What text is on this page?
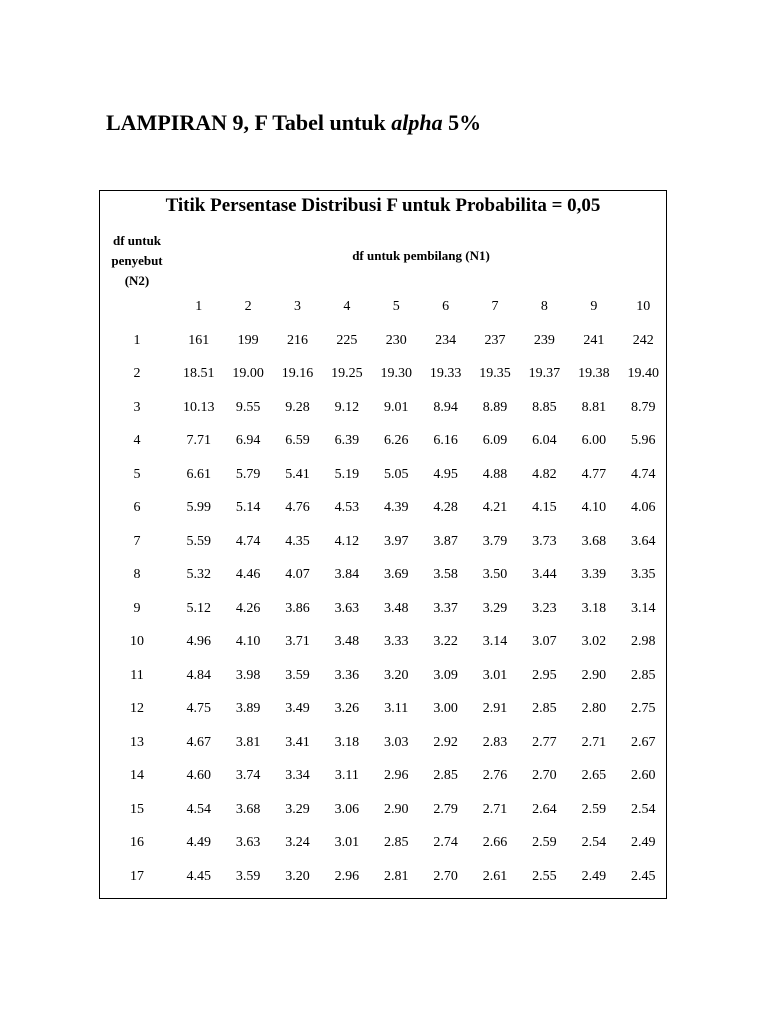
LAMPIRAN 9, F Tabel untuk alpha 5%
Titik Persentase Distribusi F untuk Probabilita = 0,05
df untuk
penyebut
(N2)
df untuk pembilang (N1)
	1	2	3	4	5	6	7	8	9	10
1	161	199	216	225	230	234	237	239	241	242
2	18.51	19.00	19.16	19.25	19.30	19.33	19.35	19.37	19.38	19.40
3	10.13	9.55	9.28	9.12	9.01	8.94	8.89	8.85	8.81	8.79
4	7.71	6.94	6.59	6.39	6.26	6.16	6.09	6.04	6.00	5.96
5	6.61	5.79	5.41	5.19	5.05	4.95	4.88	4.82	4.77	4.74
6	5.99	5.14	4.76	4.53	4.39	4.28	4.21	4.15	4.10	4.06
7	5.59	4.74	4.35	4.12	3.97	3.87	3.79	3.73	3.68	3.64
8	5.32	4.46	4.07	3.84	3.69	3.58	3.50	3.44	3.39	3.35
9	5.12	4.26	3.86	3.63	3.48	3.37	3.29	3.23	3.18	3.14
10	4.96	4.10	3.71	3.48	3.33	3.22	3.14	3.07	3.02	2.98
11	4.84	3.98	3.59	3.36	3.20	3.09	3.01	2.95	2.90	2.85
12	4.75	3.89	3.49	3.26	3.11	3.00	2.91	2.85	2.80	2.75
13	4.67	3.81	3.41	3.18	3.03	2.92	2.83	2.77	2.71	2.67
14	4.60	3.74	3.34	3.11	2.96	2.85	2.76	2.70	2.65	2.60
15	4.54	3.68	3.29	3.06	2.90	2.79	2.71	2.64	2.59	2.54
16	4.49	3.63	3.24	3.01	2.85	2.74	2.66	2.59	2.54	2.49
17	4.45	3.59	3.20	2.96	2.81	2.70	2.61	2.55	2.49	2.45
